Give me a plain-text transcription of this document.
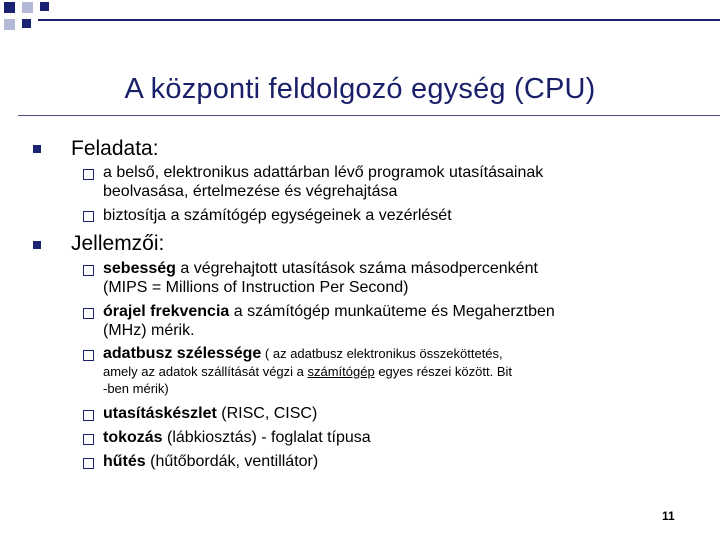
A központi feldolgozó egység (CPU)
Feladata:
a belső, elektronikus adattárban lévő programok utasításainak
beolvasása, értelmezése és végrehajtása
biztosítja a számítógép egységeinek a vezérlését
Jellemzői:
sebesség a végrehajtott utasítások száma másodpercenként
(MIPS = Millions of Instruction Per Second)
órajel frekvencia a számítógép munkaüteme és Megaherztben
(MHz) mérik.
adatbusz szélessége ( az adatbusz elektronikus összeköttetés,
amely az adatok szállítását végzi a számítógép egyes részei között. Bit
-ben mérik)
utasításkészlet (RISC, CISC)
tokozás (lábkiosztás) - foglalat típusa
hűtés (hűtőbordák, ventillátor)
11
